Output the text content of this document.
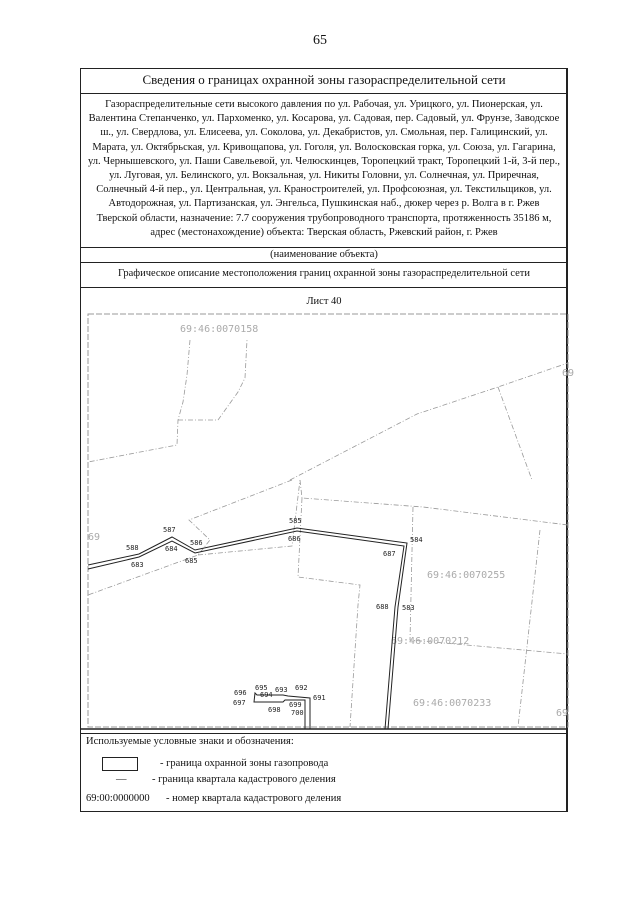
65
Сведения о границах охранной зоны газораспределительной сети
Газораспределительные сети высокого давления по ул. Рабочая, ул. Урицкого, ул. Пионерская, ул. Валентина Степанченко, ул. Пархоменко, ул. Косарова, ул. Садовая, пер. Садовый, ул. Фрунзе, Заводское ш., ул. Свердлова, ул. Елисеева, ул. Соколова, ул. Декабристов, ул. Смольная, пер. Галицинский, ул. Марата, ул. Октябрьская, ул. Кривощапова, ул. Гоголя, ул. Волосковская горка, ул. Союза, ул. Гагарина, ул. Чернышевского, ул. Паши Савельевой, ул. Челюскинцев, Торопецкий тракт, Торопецкий 1-й, 3-й пер., ул. Луговая, ул. Белинского, ул. Вокзальная, ул. Никиты Головни, ул. Солнечная, ул. Приречная, Солнечный 4-й пер., ул. Центральная, ул. Краностроителей, ул. Профсоюзная, ул. Текстильщиков, ул. Автодорожная, ул. Партизанская, ул. Энгельса, Пушкинская наб., дюкер через р. Волга в г. Ржев Тверской области, назначение: 7.7 сооружения трубопроводного транспорта, протяженность 35186 м, адрес (местонахождение) объекта: Тверская область, Ржевский район, г. Ржев
(наименование объекта)
Графическое описание местоположения границ охранной зоны газораспределительной сети
Лист 40
69:46:0070158
69:46:0070212
69:46:0070255
69:46:0070233
69
69
69
588
683
587
684
586
685
585
686	584
687
583
688
696
697
695
694
693 692
691
699
698 700
Используемые условные знаки и обозначения:
- граница охранной зоны газопровода
— - граница квартала кадастрового деления
69:00:0000000 - номер квартала кадастрового деления
